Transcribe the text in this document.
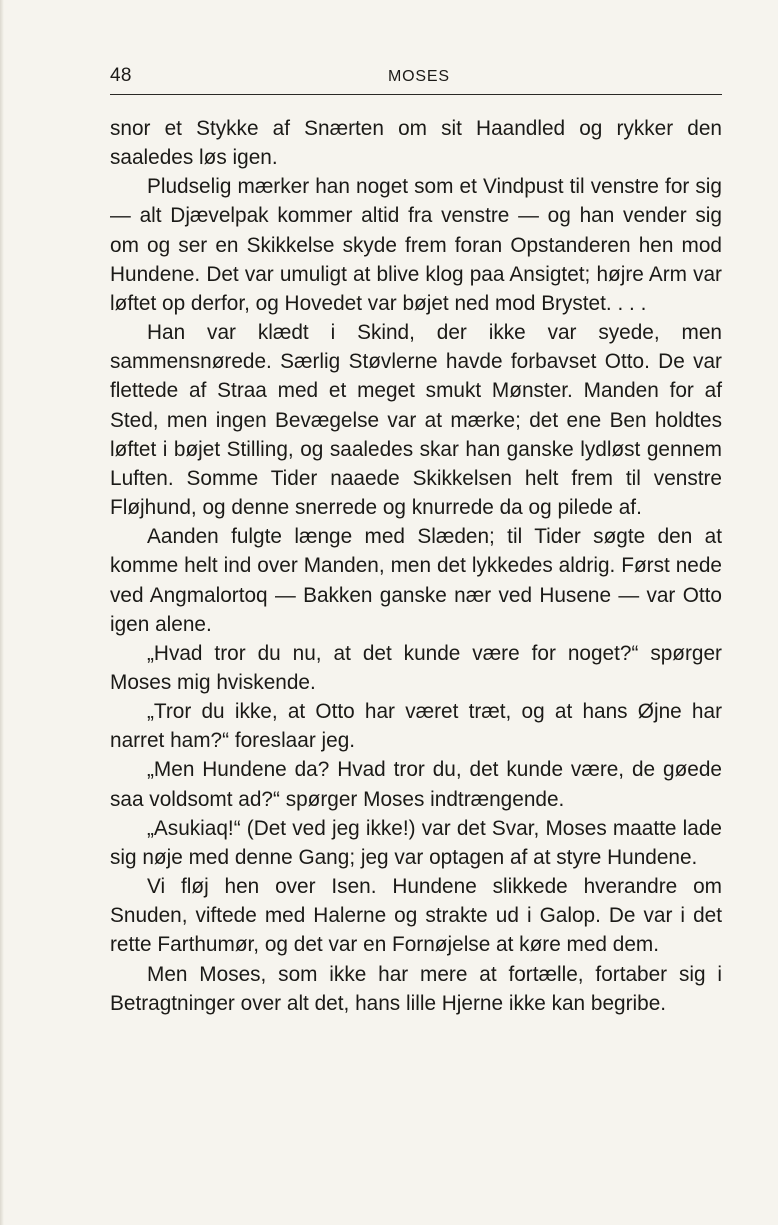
48	MOSES

snor et Stykke af Snærten om sit Haandled og rykker den saaledes løs igen.

Pludselig mærker han noget som et Vindpust til venstre for sig — alt Djævelpak kommer altid fra venstre — og han vender sig om og ser en Skikkelse skyde frem foran Opstanderen hen mod Hundene. Det var umuligt at blive klog paa Ansigtet; højre Arm var løftet op derfor, og Hovedet var bøjet ned mod Brystet. . . .

Han var klædt i Skind, der ikke var syede, men sammensnørede. Særlig Støvlerne havde forbavset Otto. De var flettede af Straa med et meget smukt Mønster. Manden for af Sted, men ingen Bevægelse var at mærke; det ene Ben holdtes løftet i bøjet Stilling, og saaledes skar han ganske lydløst gennem Luften. Somme Tider naaede Skikkelsen helt frem til venstre Fløjhund, og denne snerrede og knurrede da og pilede af.

Aanden fulgte længe med Slæden; til Tider søgte den at komme helt ind over Manden, men det lykkedes aldrig. Først nede ved Angmalortoq — Bakken ganske nær ved Husene — var Otto igen alene.

„Hvad tror du nu, at det kunde være for noget?“ spørger Moses mig hviskende.

„Tror du ikke, at Otto har været træt, og at hans Øjne har narret ham?“ foreslaar jeg.

„Men Hundene da? Hvad tror du, det kunde være, de gøede saa voldsomt ad?“ spørger Moses indtrængende.

„Asukiaq!“ (Det ved jeg ikke!) var det Svar, Moses maatte lade sig nøje med denne Gang; jeg var optagen af at styre Hundene.

Vi fløj hen over Isen. Hundene slikkede hverandre om Snuden, viftede med Halerne og strakte ud i Galop. De var i det rette Farthumør, og det var en Fornøjelse at køre med dem.

Men Moses, som ikke har mere at fortælle, fortaber sig i Betragtninger over alt det, hans lille Hjerne ikke kan begribe.
